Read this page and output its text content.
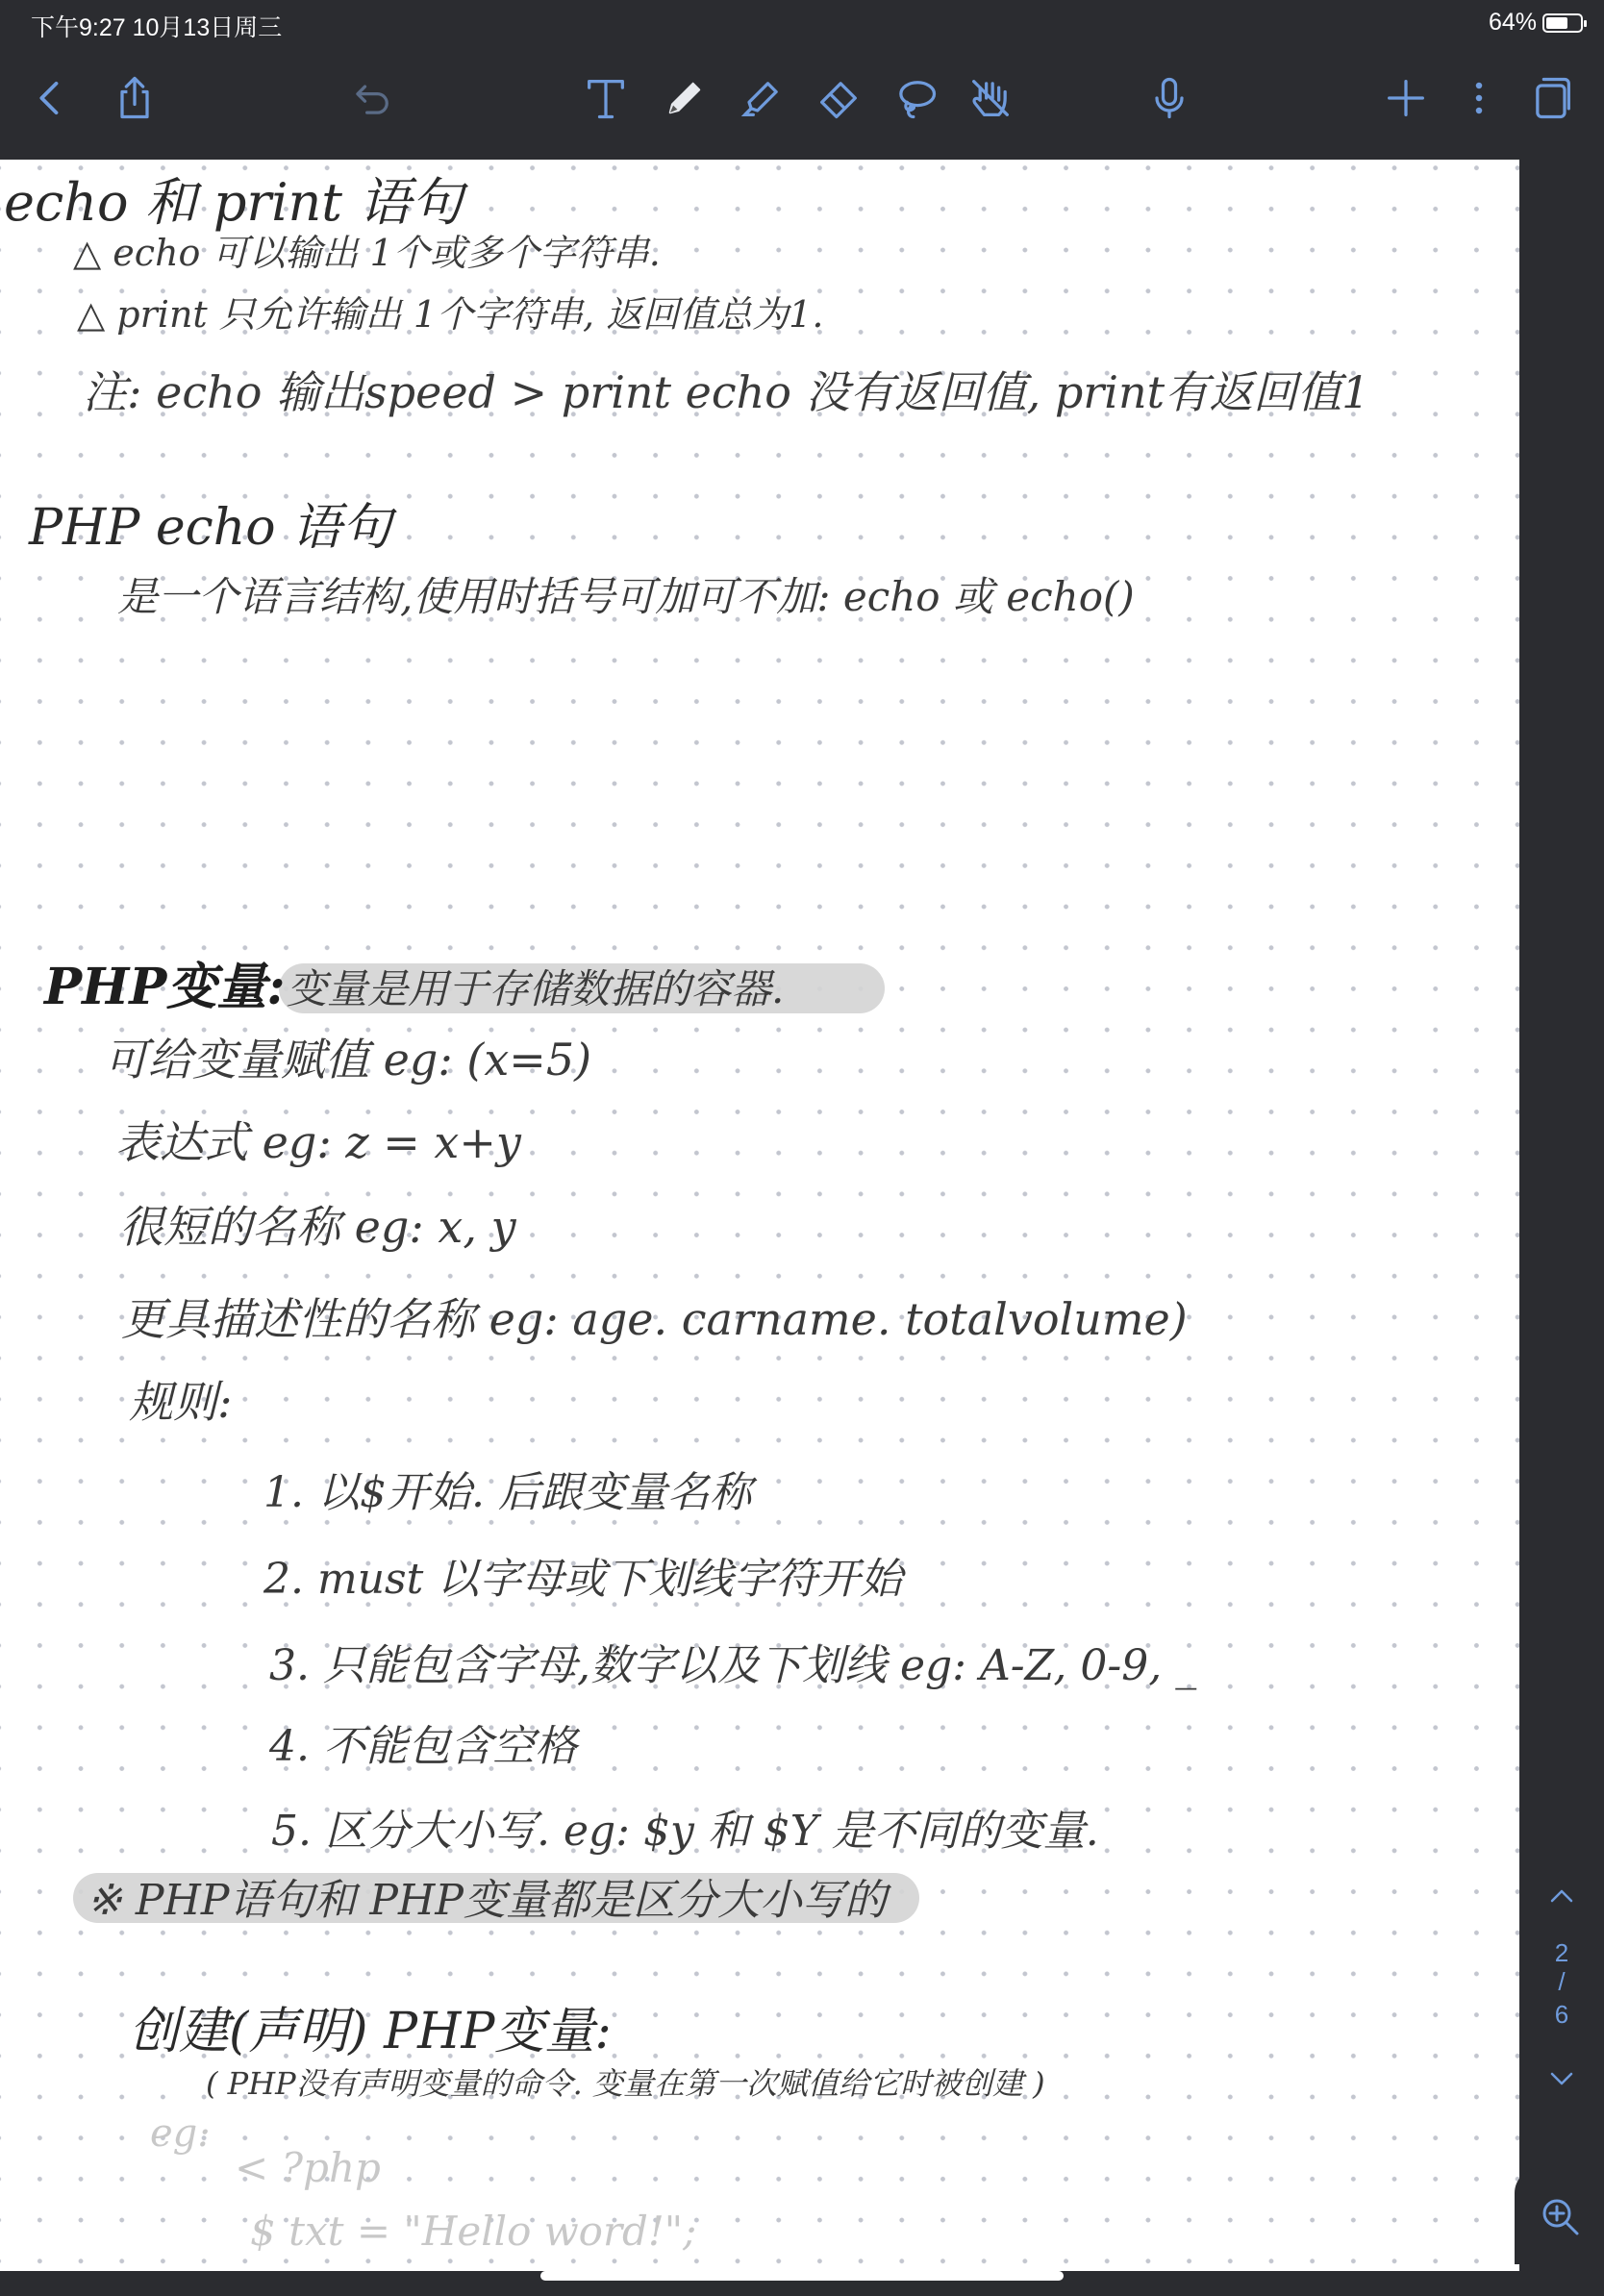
下午9:27 10月13日周三	64%
echo 和 print 语句
△ echo 可以输出 1个或多个字符串.
△ print 只允许输出 1个字符串, 返回值总为1.
注: echo 输出speed > print echo 没有返回值, print有返回值1
PHP echo 语句
是一个语言结构,使用时括号可加可不加: echo 或 echo()
PHP变量: 变量是用于存储数据的容器.
可给变量赋值 eg: (x=5)
表达式 eg: z = x+y
很短的名称 eg: x, y
更具描述性的名称 eg: age. carname. totalvolume)
规则:
1. 以$开始. 后跟变量名称
2. must 以字母或下划线字符开始
3. 只能包含字母,数字以及下划线 eg: A-Z, 0-9, _
4. 不能包含空格
5. 区分大小写. eg: $y 和 $Y 是不同的变量.
※ PHP语句和 PHP变量都是区分大小写的
创建(声明) PHP变量:
( PHP没有声明变量的命令. 变量在第一次赋值给它时被创建 )
eg:
< ?php
$ txt = "Hello word!";
2
/
6
